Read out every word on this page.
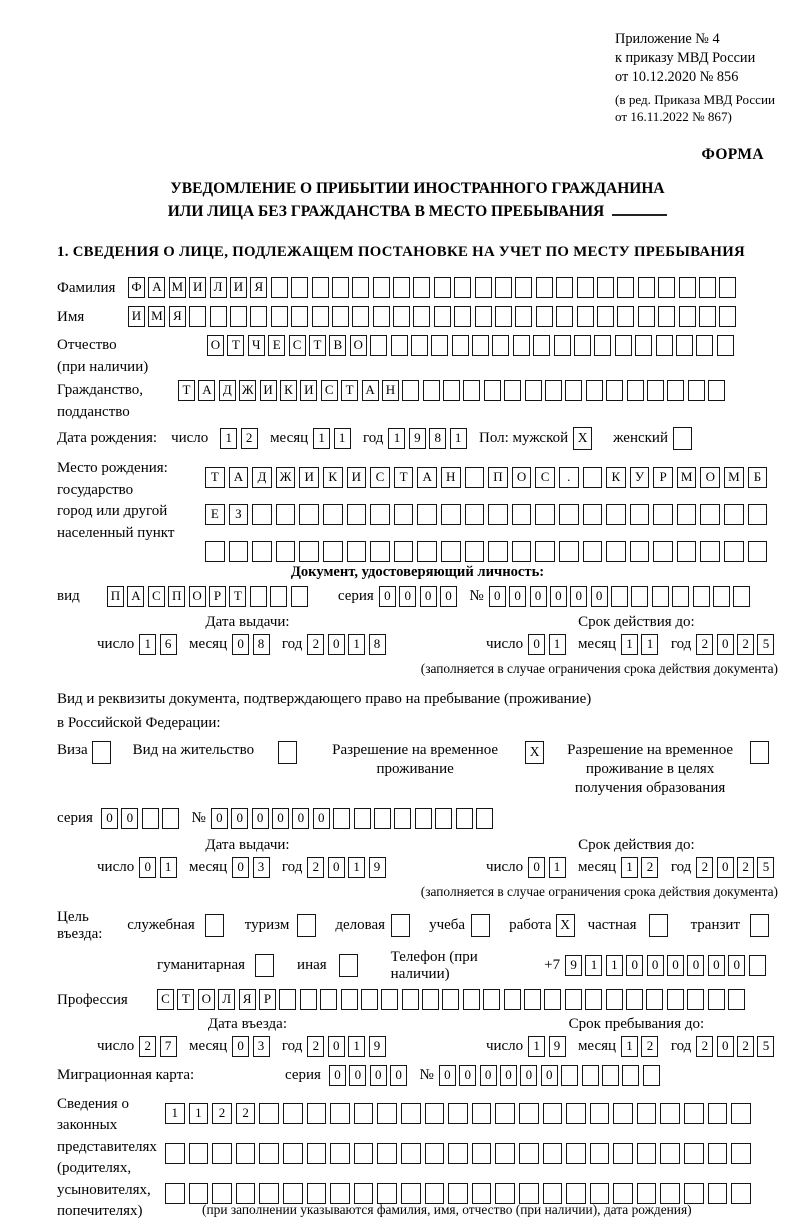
Приложение № 4
к приказу МВД России
от 10.12.2020 № 856
(в ред. Приказа МВД России
от 16.11.2022 № 867)
ФОРМА
УВЕДОМЛЕНИЕ О ПРИБЫТИИ ИНОСТРАННОГО ГРАЖДАНИНА
ИЛИ ЛИЦА БЕЗ ГРАЖДАНСТВА В МЕСТО ПРЕБЫВАНИЯ
1. СВЕДЕНИЯ О ЛИЦЕ, ПОДЛЕЖАЩЕМ ПОСТАНОВКЕ НА УЧЕТ ПО МЕСТУ ПРЕБЫВАНИЯ
Фамилия	Ф А М И Л И Я
Имя	И М Я
Отчество
(при наличии)
О Т Ч Е С Т В О
Гражданство,
подданство
Т А Д Ж И К И С Т А Н
Дата рождения: число	1 2	месяц 1 1	год 1 9 8 1	Пол: мужской X	женский
Место рождения:
государство
город или другой
населенный пункт
Т А Д Ж И К И С Т А Н	П О С .	К У Р М О М Б Е З
Документ, удостоверяющий личность:
вид	П А С П О Р Т	серия 0 0 0 0	№ 0 0 0 0 0 0
Дата выдачи:
число 1 6	месяц 0 8	год 2 0 1 8
Срок действия до:
число 0 1	месяц 1 1	год 2 0 2 5
(заполняется в случае ограничения срока действия документа)
Вид и реквизиты документа, подтверждающего право на пребывание (проживание)
в Российской Федерации:
Виза	Вид на жительство	Разрешение на временное проживание
X	Разрешение на временное проживание в целях получения образования
серия	0 0	№ 0 0 0 0 0 0
Дата выдачи:
число 0 1	месяц 0 3	год 2 0 1 9
Срок действия до:
число 0 1	месяц 1 2	год 2 0 2 5
(заполняется в случае ограничения срока действия документа)
Цель въезда:
служебная	туризм	деловая	учеба	работа X	частная	транзит
гуманитарная	иная
Телефон (при наличии)
+7 9 1 1 0 0 0 0 0 0
Профессия	С Т О Л Я Р
Дата въезда:
число 2 7	месяц 0 3	год 2 0 1 9
Срок пребывания до:
число 1 9	месяц 1 2	год 2 0 2 5
Миграционная карта:	серия	0 0 0 0	№ 0 0 0 0 0 0
Сведения о
законных
представителях
(родителях,
усыновителях,
попечителях)
1 1 2 2
(при заполнении указываются фамилия, имя, отчество (при наличии), дата рождения)
